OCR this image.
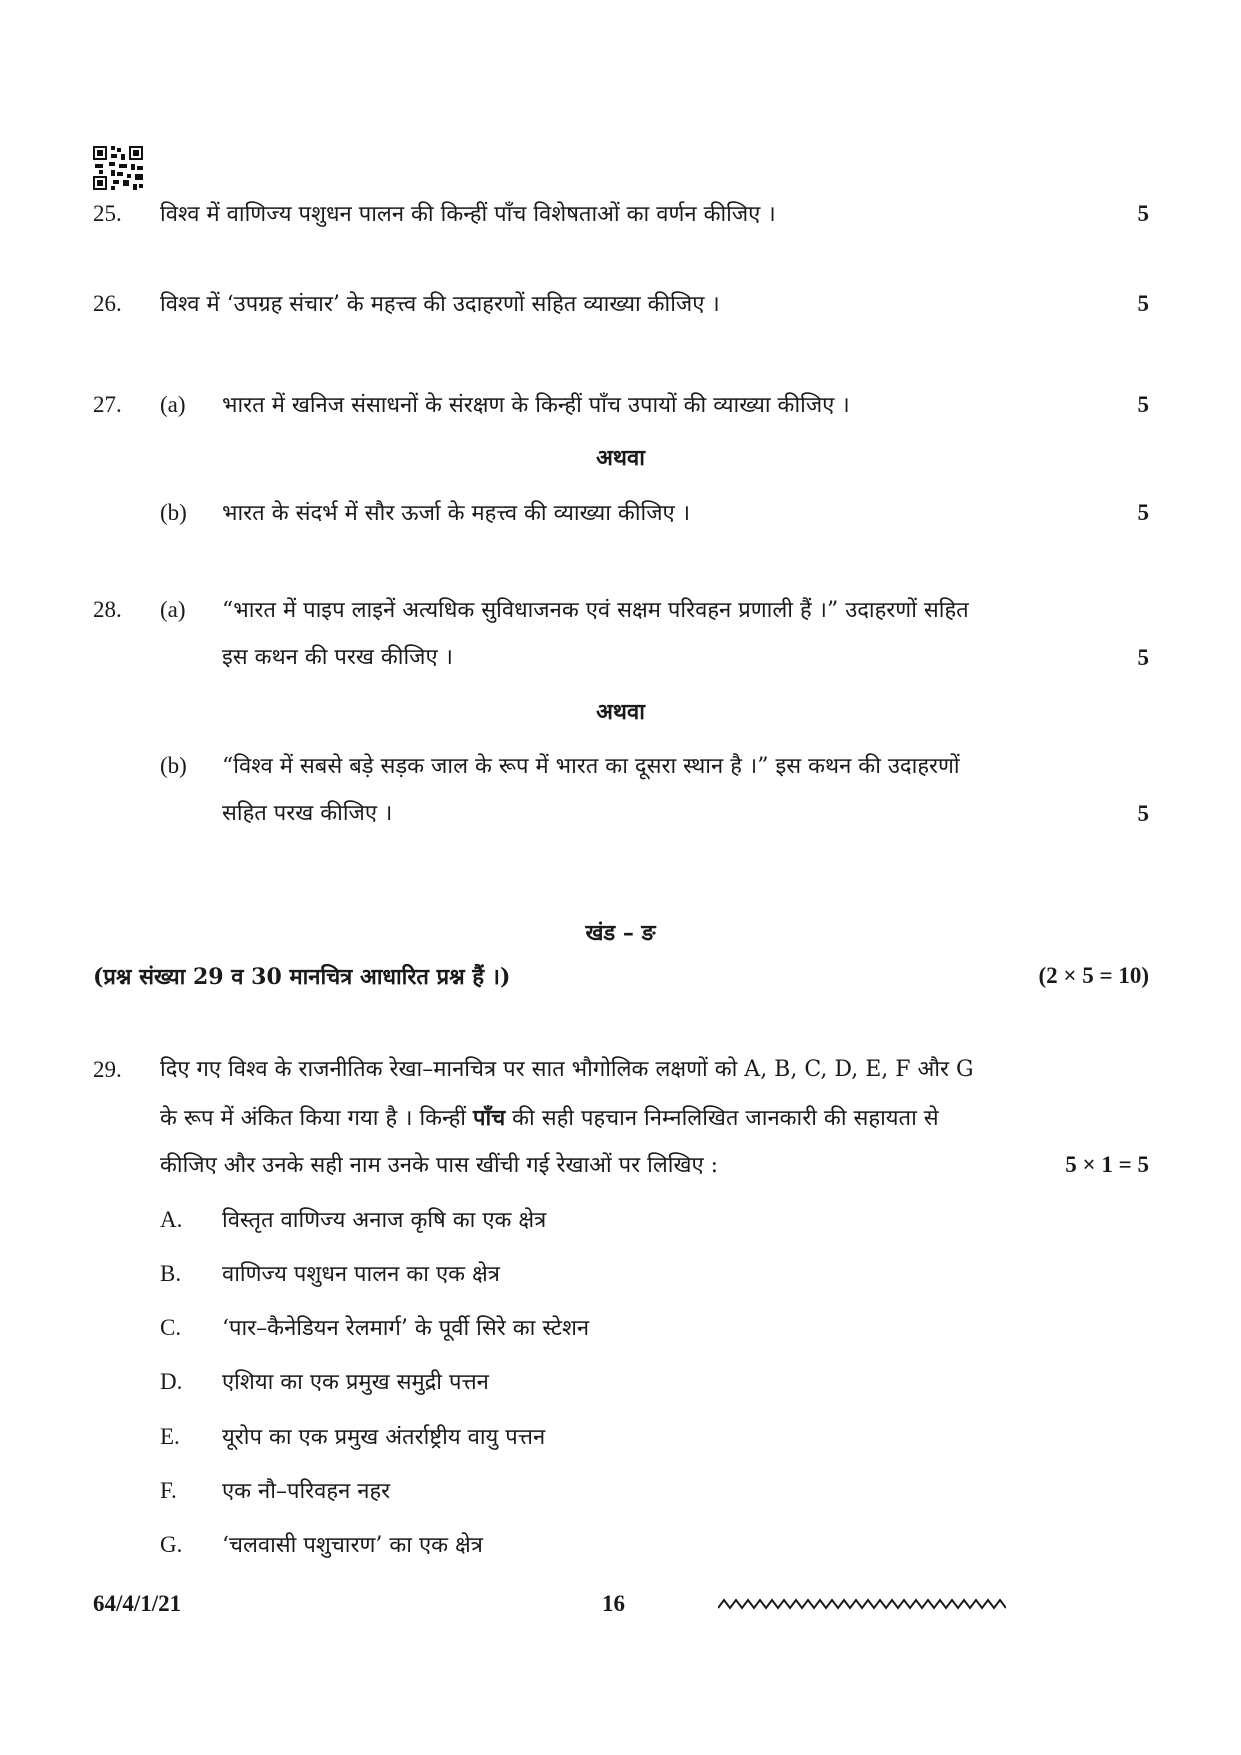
25. विश्व में वाणिज्य पशुधन पालन की किन्हीं पाँच विशेषताओं का वर्णन कीजिए ।	5
26. विश्व में ‘उपग्रह संचार’ के महत्त्व की उदाहरणों सहित व्याख्या कीजिए ।	5
27. (a) भारत में खनिज संसाधनों के संरक्षण के किन्हीं पाँच उपायों की व्याख्या कीजिए ।	5
अथवा
(b) भारत के संदर्भ में सौर ऊर्जा के महत्त्व की व्याख्या कीजिए ।	5
28. (a) “भारत में पाइप लाइनें अत्यधिक सुविधाजनक एवं सक्षम परिवहन प्रणाली हैं ।” उदाहरणों सहित
इस कथन की परख कीजिए ।	5
अथवा
(b) “विश्व में सबसे बड़े सड़क जाल के रूप में भारत का दूसरा स्थान है ।” इस कथन की उदाहरणों
सहित परख कीजिए ।	5
खंड – ङ
(प्रश्न संख्या 29 व 30 मानचित्र आधारित प्रश्न हैं ।)	(2 × 5 = 10)
29. दिए गए विश्व के राजनीतिक रेखा–मानचित्र पर सात भौगोलिक लक्षणों को A, B, C, D, E, F और G
के रूप में अंकित किया गया है । किन्हीं पाँच की सही पहचान निम्नलिखित जानकारी की सहायता से
कीजिए और उनके सही नाम उनके पास खींची गई रेखाओं पर लिखिए :	5 × 1 = 5
A. विस्तृत वाणिज्य अनाज कृषि का एक क्षेत्र
B. वाणिज्य पशुधन पालन का एक क्षेत्र
C. ‘पार–कैनेडियन रेलमार्ग’ के पूर्वी सिरे का स्टेशन
D. एशिया का एक प्रमुख समुद्री पत्तन
E. यूरोप का एक प्रमुख अंतर्राष्ट्रीय वायु पत्तन
F. एक नौ–परिवहन नहर
G. ‘चलवासी पशुचारण’ का एक क्षेत्र
64/4/1/21	16
